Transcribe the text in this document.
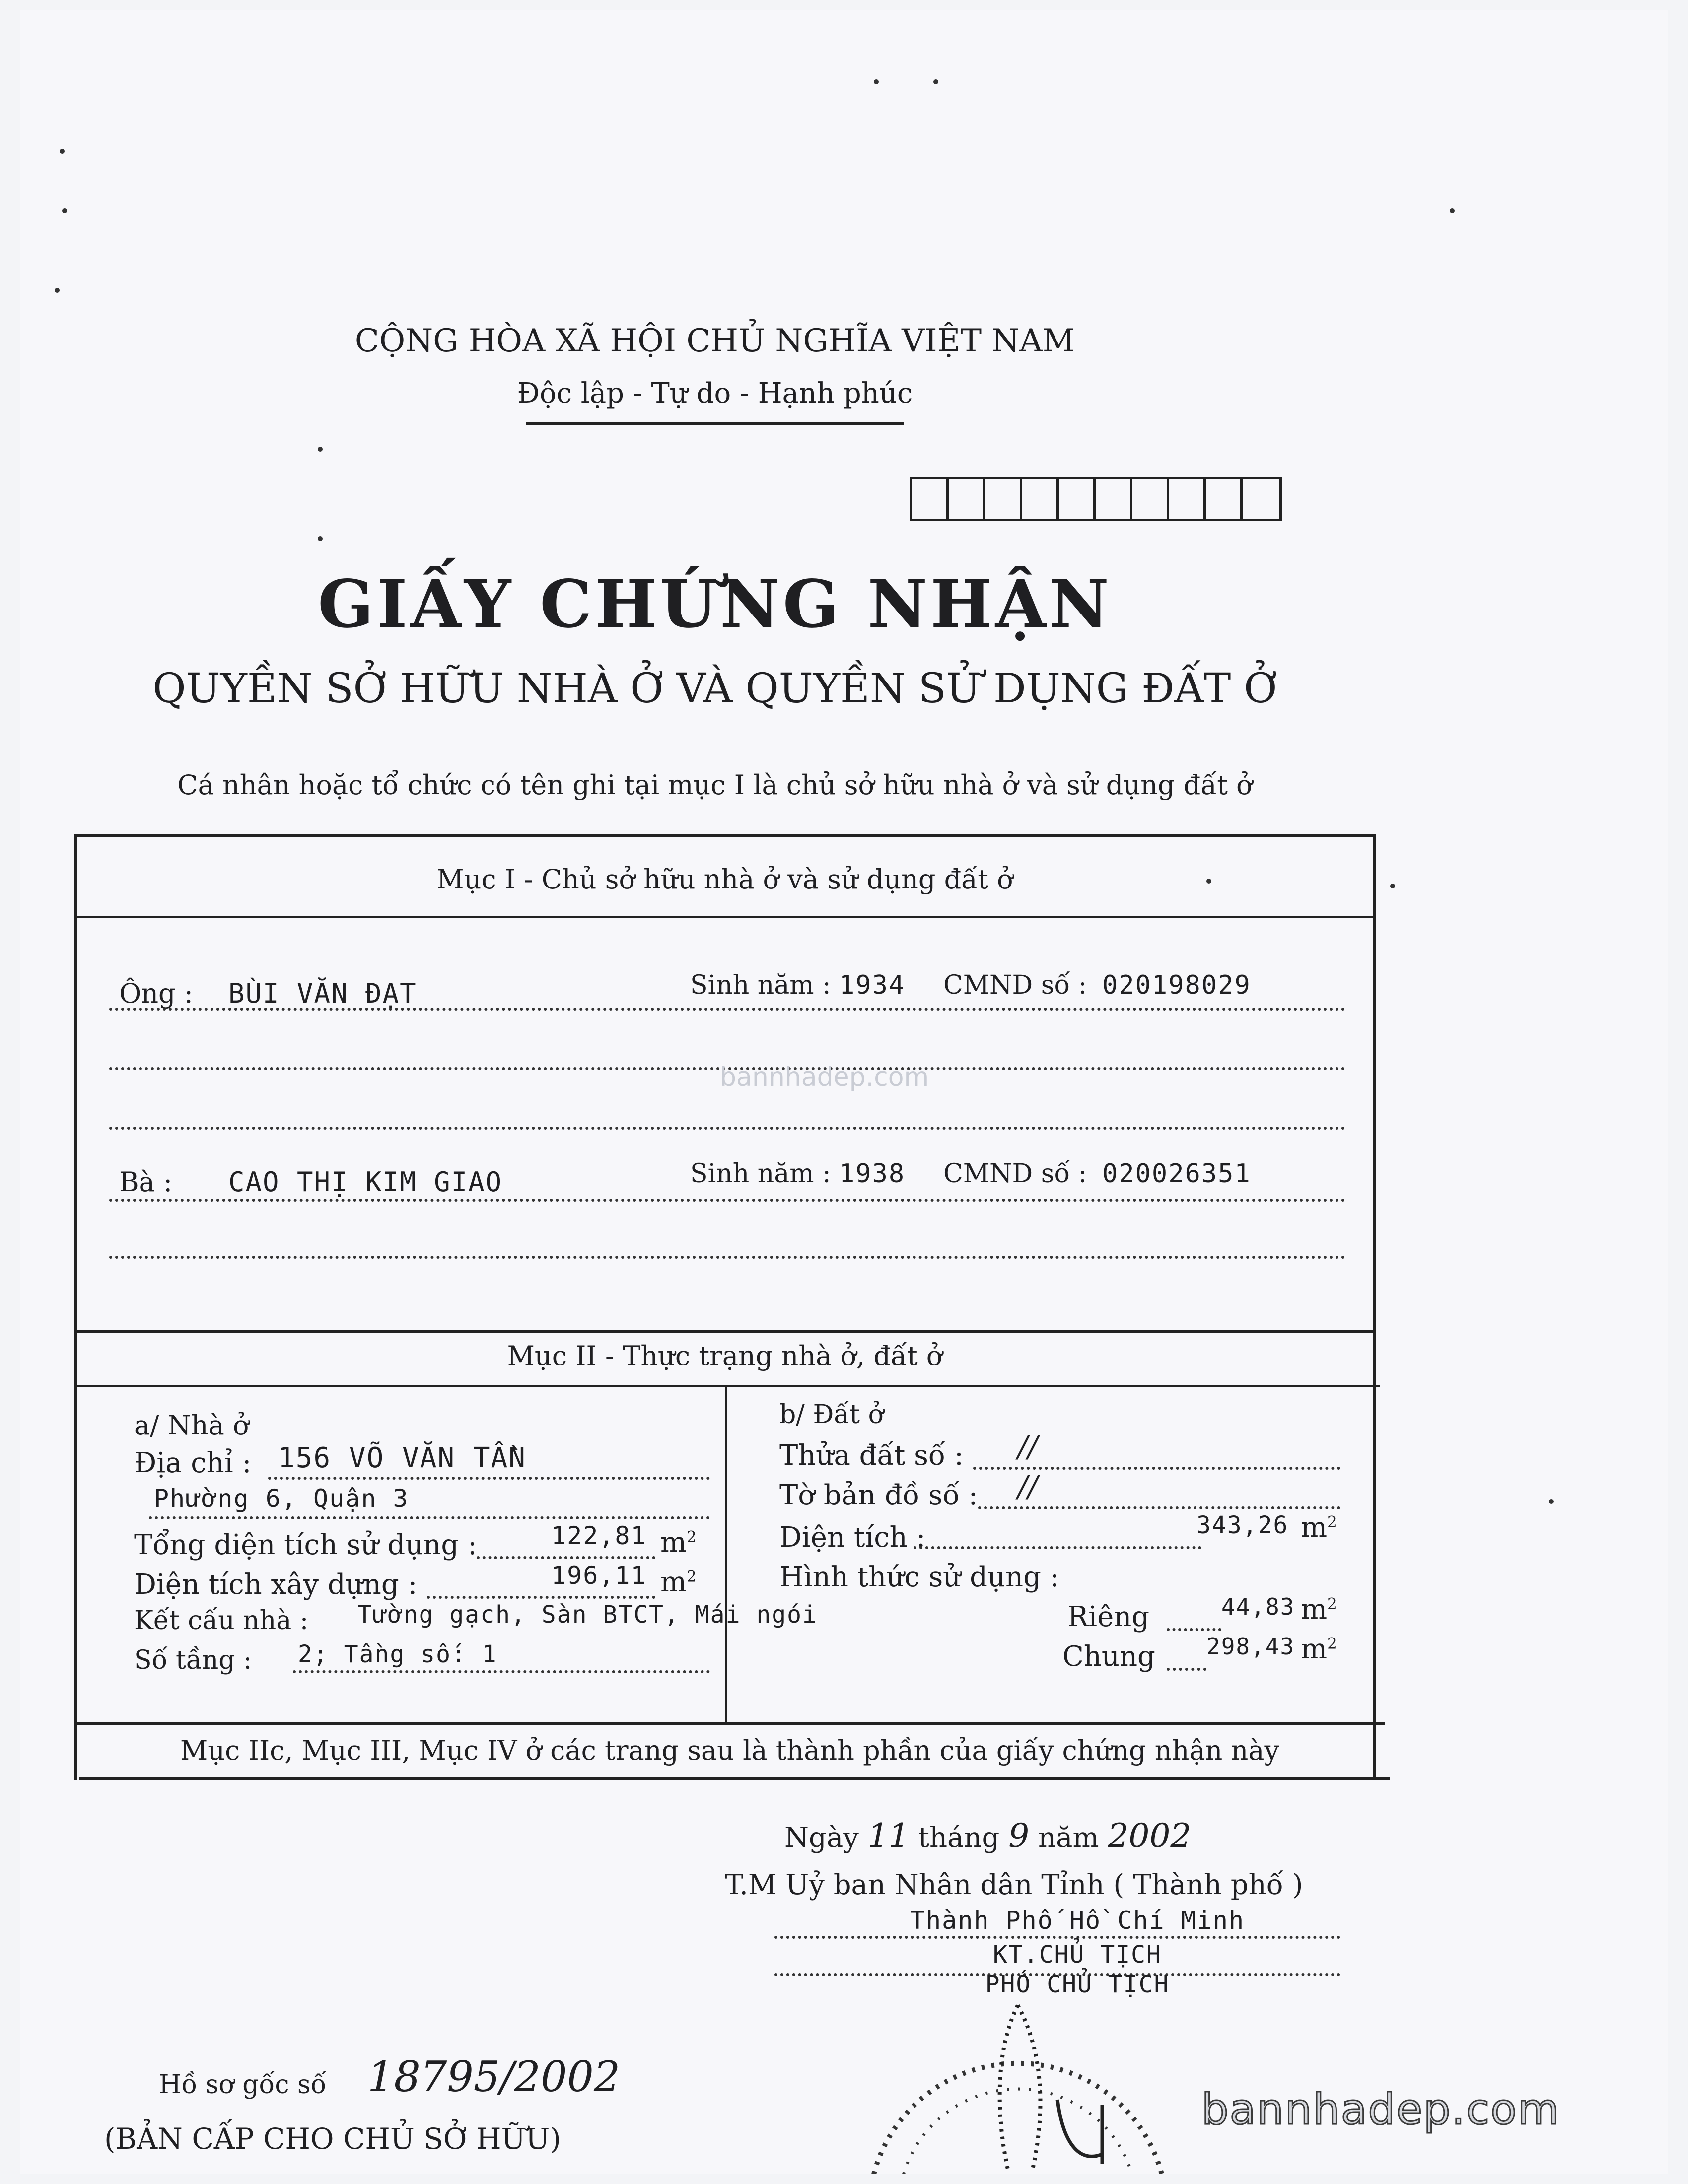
CỘNG HÒA XÃ HỘI CHỦ NGHĨA VIỆT NAM
Độc lập - Tự do - Hạnh phúc
GIẤY CHỨNG NHẬN
QUYỀN SỞ HỮU NHÀ Ở VÀ QUYỀN SỬ DỤNG ĐẤT Ở
Cá nhân hoặc tổ chức có tên ghi tại mục I là chủ sở hữu nhà ở và sử dụng đất ở
Mục I - Chủ sở hữu nhà ở và sử dụng đất ở
Ông : BÙI VĂN ĐẠT	Sinh năm : 1934 CMND số : 020198029
bannhadep.com
Bà : CAO THỊ KIM GIAO	Sinh năm : 1938 CMND số : 020026351
Mục II - Thực trạng nhà ở, đất ở
a/ Nhà ở
Địa chỉ : 156 VÕ VĂN TẦN
Phường 6, Quận 3
Tổng diện tích sử dụng :	122,81 $m^2$
Diện tích xây dựng :	196,11 $m^2$
Kết cấu nhà : Tường gạch, Sàn BTCT, Mái ngói
Số tầng : 2; Tầng số: 1
b/ Đất ở
Thửa đất số : //
Tờ bản đồ số : //
Diện tích :	343,26 $m^2$
Hình thức sử dụng :
Riêng	44,83 $m^2$
Chung 298,43 $m^2$
Mục IIc, Mục III, Mục IV ở các trang sau là thành phần của giấy chứng nhận này
Ngày 11 tháng 9 năm 2002
T.M Uỷ ban Nhân dân Tỉnh ( Thành phố )
Thành Phố Hồ Chí Minh
KT.CHỦ TỊCH
PHÓ CHỦ TỊCH
Hồ sơ gốc số 18795/2002
(BẢN CẤP CHO CHỦ SỞ HỮU)
bannhadep.com
